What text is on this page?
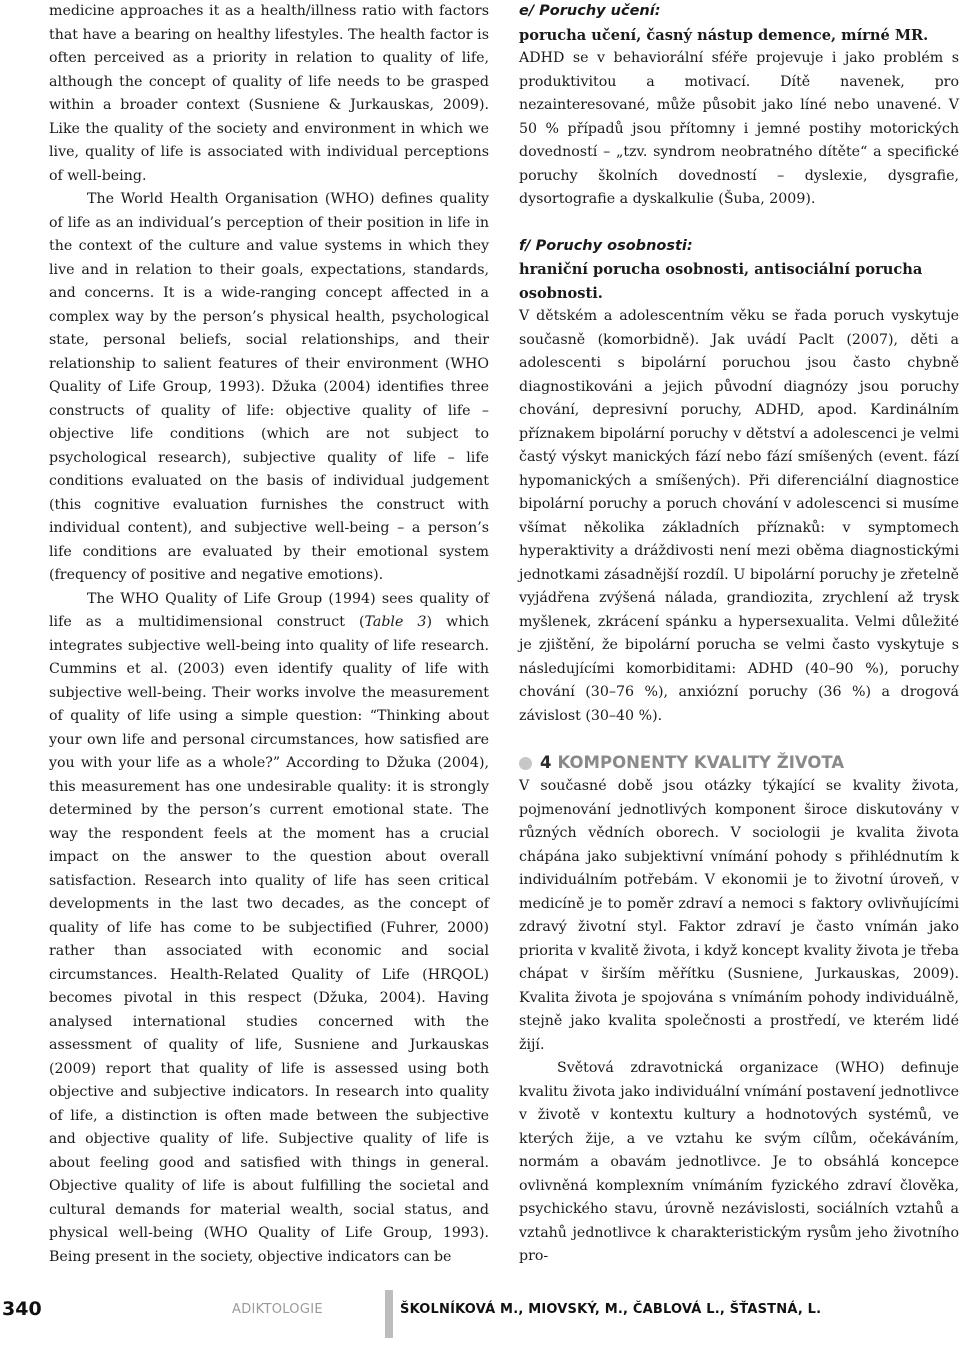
medicine approaches it as a health/illness ratio with factors that have a bearing on healthy lifestyles. The health factor is often perceived as a priority in relation to quality of life, although the concept of quality of life needs to be grasped within a broader context (Susniene & Jurkauskas, 2009). Like the quality of the society and environment in which we live, quality of life is associated with individual perceptions of well-being.

The World Health Organisation (WHO) defines quality of life as an individual’s perception of their position in life in the context of the culture and value systems in which they live and in relation to their goals, expectations, standards, and concerns. It is a wide-ranging concept affected in a complex way by the person’s physical health, psychological state, personal beliefs, social relationships, and their relationship to salient features of their environment (WHO Quality of Life Group, 1993). Džuka (2004) identifies three constructs of quality of life: objective quality of life – objective life conditions (which are not subject to psychological research), subjective quality of life – life conditions evaluated on the basis of individual judgement (this cognitive evaluation furnishes the construct with individual content), and subjective well-being – a person’s life conditions are evaluated by their emotional system (frequency of positive and negative emotions).

The WHO Quality of Life Group (1994) sees quality of life as a multidimensional construct (Table 3) which integrates subjective well-being into quality of life research. Cummins et al. (2003) even identify quality of life with subjective well-being. Their works involve the measurement of quality of life using a simple question: “Thinking about your own life and personal circumstances, how satisfied are you with your life as a whole?” According to Džuka (2004), this measurement has one undesirable quality: it is strongly determined by the person’s current emotional state. The way the respondent feels at the moment has a crucial impact on the answer to the question about overall satisfaction. Research into quality of life has seen critical developments in the last two decades, as the concept of quality of life has come to be subjectified (Fuhrer, 2000) rather than associated with economic and social circumstances. Health-Related Quality of Life (HRQOL) becomes pivotal in this respect (Džuka, 2004). Having analysed international studies concerned with the assessment of quality of life, Susniene and Jurkauskas (2009) report that quality of life is assessed using both objective and subjective indicators. In research into quality of life, a distinction is often made between the subjective and objective quality of life. Subjective quality of life is about feeling good and satisfied with things in general. Objective quality of life is about fulfilling the societal and cultural demands for material wealth, social status, and physical well-being (WHO Quality of Life Group, 1993). Being present in the society, objective indicators can be

e/ Poruchy učení:

porucha učení, časný nástup demence, mírné MR.

ADHD se v behaviorální sféře projevuje i jako problém s produktivitou a motivací. Dítě navenek, pro nezainteresované, může působit jako líné nebo unavené. V 50 % případů jsou přítomny i jemné postihy motorických dovedností – „tzv. syndrom neobratného dítěte“ a specifické poruchy školních dovedností – dyslexie, dysgrafie, dysortografie a dyskalkulie (Šuba, 2009).

f/ Poruchy osobnosti:

hraniční porucha osobnosti, antisociální porucha osobnosti.

V dětském a adolescentním věku se řada poruch vyskytuje současně (komorbidně). Jak uvádí Paclt (2007), děti a adolescenti s bipolární poruchou jsou často chybně diagnostikováni a jejich původní diagnózy jsou poruchy chování, depresivní poruchy, ADHD, apod. Kardinálním příznakem bipolární poruchy v dětství a adolescenci je velmi častý výskyt manických fází nebo fází smíšených (event. fází hypomanických a smíšených). Při diferenciální diagnostice bipolární poruchy a poruch chování v adolescenci si musíme všímat několika základních příznaků: v symptomech hyperaktivity a dráždivosti není mezi oběma diagnostickými jednotkami zásadnější rozdíl. U bipolární poruchy je zřetelně vyjádřena zvýšená nálada, grandiozita, zrychlení až trysk myšlenek, zkrácení spánku a hypersexualita. Velmi důležité je zjištění, že bipolární porucha se velmi často vyskytuje s následujícími komorbiditami: ADHD (40–90 %), poruchy chování (30–76 %), anxiózní poruchy (36 %) a drogová závislost (30–40 %).

4 KOMPONENTY KVALITY ŽIVOTA

V současné době jsou otázky týkající se kvality života, pojmenování jednotlivých komponent široce diskutovány v různých vědních oborech. V sociologii je kvalita života chápána jako subjektivní vnímání pohody s přihlédnutím k individuálním potřebám. V ekonomii je to životní úroveň, v medicíně je to poměr zdraví a nemoci s faktory ovlivňujícími zdravý životní styl. Faktor zdraví je často vnímán jako priorita v kvalitě života, i když koncept kvality života je třeba chápat v širším měřítku (Susniene, Jurkauskas, 2009). Kvalita života je spojována s vnímáním pohody individuálně, stejně jako kvalita společnosti a prostředí, ve kterém lidé žijí.

Světová zdravotnická organizace (WHO) definuje kvalitu života jako individuální vnímání postavení jednotlivce v životě v kontextu kultury a hodnotových systémů, ve kterých žije, a ve vztahu ke svým cílům, očekáváním, normám a obavám jednotlivce. Je to obsáhlá koncepce ovlivněná komplexním vnímáním fyzického zdraví člověka, psychického stavu, úrovně nezávislosti, sociálních vztahů a vztahů jednotlivce k charakteristickým rysům jeho životního pro-

340	ADIKTOLOGIE	ŠKOLNÍKOVÁ M., MIOVSKÝ, M., ČABLOVÁ L., ŠŤASTNÁ, L.
